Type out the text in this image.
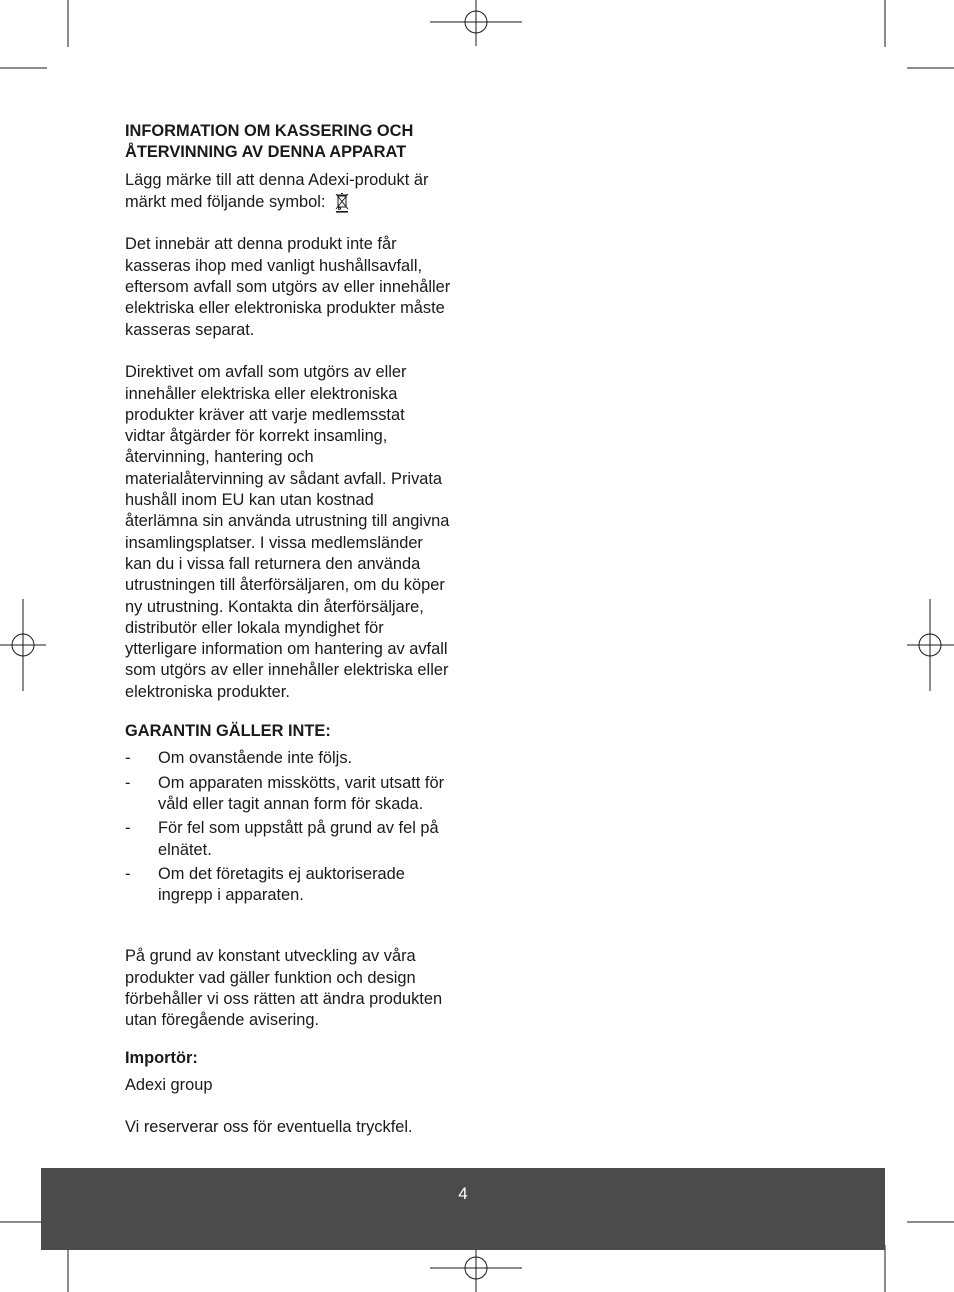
INFORMATION OM KASSERING OCH
ÅTERVINNING AV DENNA APPARAT

Lägg märke till att denna Adexi-produkt är
märkt med följande symbol:

Det innebär att denna produkt inte får
kasseras ihop med vanligt hushållsavfall,
eftersom avfall som utgörs av eller innehåller
elektriska eller elektroniska produkter måste
kasseras separat.

Direktivet om avfall som utgörs av eller
innehåller elektriska eller elektroniska
produkter kräver att varje medlemsstat
vidtar åtgärder för korrekt insamling,
återvinning, hantering och
materialåtervinning av sådant avfall. Privata
hushåll inom EU kan utan kostnad
återlämna sin använda utrustning till angivna
insamlingsplatser. I vissa medlemsländer
kan du i vissa fall returnera den använda
utrustningen till återförsäljaren, om du köper
ny utrustning. Kontakta din återförsäljare,
distributör eller lokala myndighet för
ytterligare information om hantering av avfall
som utgörs av eller innehåller elektriska eller
elektroniska produkter.

GARANTIN GÄLLER INTE:

- Om ovanstående inte följs.
- Om apparaten misskötts, varit utsatt för
våld eller tagit annan form för skada.
- För fel som uppstått på grund av fel på
elnätet.
- Om det företagits ej auktoriserade
ingrepp i apparaten.

På grund av konstant utveckling av våra
produkter vad gäller funktion och design
förbehåller vi oss rätten att ändra produkten
utan föregående avisering.

Importör:

Adexi group

Vi reserverar oss för eventuella tryckfel.

4
